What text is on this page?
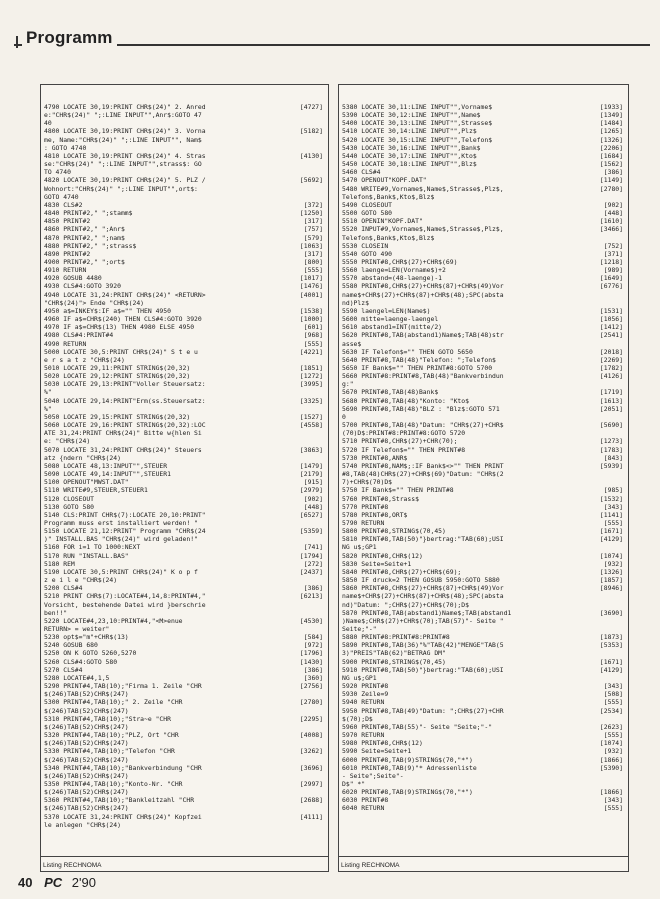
Programm
4790 LOCATE 30,19:PRINT CHR$(24)" 2. Anred	[4727]
e:"CHR$(24)" ";:LINE INPUT"",Anr$:GOTO 47
40
4800 LOCATE 30,19:PRINT CHR$(24)" 3. Vorna	[5182]
me, Name:"CHR$(24)" ";:LINE INPUT"", Nam$
: GOTO 4740
4810 LOCATE 30,19:PRINT CHR$(24)" 4. Stras	[4130]
se:"CHR$(24)" ";:LINE INPUT"",strass$: GO
TO 4740
4820 LOCATE 30,19:PRINT CHR$(24)" 5. PLZ /	[5692]
Wohnort:"CHR$(24)" ";:LINE INPUT"",ort$:
GOTO 4740
4830 CLS#2	[372]
4840 PRINT#2," ";stamm$	[1250]
4850 PRINT#2	[317]
4860 PRINT#2," ";Anr$	[757]
4870 PRINT#2," ";nam$	[579]
4880 PRINT#2," ";strass$	[1063]
4890 PRINT#2	[317]
4900 PRINT#2," ";ort$	[800]
4910 RETURN	[555]
4920 GOSUB 4480	[1017]
4930 CLS#4:GOTO 3920	[1476]
4940 LOCATE 31,24:PRINT CHR$(24)" <RETURN>	[4001]
"CHR$(24)"> Ende "CHR$(24)
4950 a$=INKEY$:IF a$="" THEN 4950	[1538]
4960 IF a$=CHR$(240) THEN CLS#4:GOTO 3920	[1000]
4970 IF a$=CHR$(13) THEN 4980 ELSE 4950	[601]
4980 CLS#4:PRINT#4	[968]
4990 RETURN	[555]
5000 LOCATE 30,5:PRINT CHR$(24)" S t e u	[4221]
e r s a t z "CHR$(24)
5010 LOCATE 29,11:PRINT STRING$(20,32)	[1851]
5020 LOCATE 29,12:PRINT STRING$(20,32)	[1272]
5030 LOCATE 29,13:PRINT"Voller Steuersatz:	[3995]
%"
5040 LOCATE 29,14:PRINT"Erm(ss.Steuersatz:	[3325]
%"
5050 LOCATE 29,15:PRINT STRING$(20,32)	[1527]
5060 LOCATE 29,16:PRINT STRING$(20,32):LOC	[4558]
ATE 31,24:PRINT CHR$(24)" Bitte w{hlen Si
e: "CHR$(24)
5070 LOCATE 31,24:PRINT CHR$(24)" Steuers	[3863]
atz {ndern "CHR$(24)
5080 LOCATE 48,13:INPUT"",STEUER	[1479]
5090 LOCATE 49,14:INPUT"",STEUER1	[2179]
5100 OPENOUT"MWST.DAT"	[915]
5110 WRITE#9,STEUER,STEUER1	[2979]
5120 CLOSEOUT	[902]
5130 GOTO 580	[448]
5140 CLS:PRINT CHR$(7):LOCATE 20,10:PRINT"	[6527]
Programm muss erst installiert werden! "
5150 LOCATE 21,12:PRINT" Programm "CHR$(24	[5359]
)" INSTALL.BAS "CHR$(24)" wird geladen!"
5160 FOR i=1 TO 1000:NEXT	[741]
5170 RUN "INSTALL.BAS"	[1794]
5180 REM	[272]
5190 LOCATE 30,5:PRINT CHR$(24)" K o p f	[2437]
z e i l e "CHR$(24)
5200 CLS#4	[386]
5210 PRINT CHR$(7):LOCATE#4,14,8:PRINT#4,"	[6213]
Vorsicht, bestehende Datei wird }berschrie
ben!!"
5220 LOCATE#4,23,10:PRINT#4,"<M>enue	[4530]
RETURN> = weiter"
5230 opt$="m"+CHR$(13)	[584]
5240 GOSUB 680	[972]
5250 ON K GOTO 5260,5270	[1796]
5260 CLS#4:GOTO 580	[1430]
5270 CLS#4	[386]
5280 LOCATE#4,1,5	[360]
5290 PRINT#4,TAB(10);"Firma 1. Zeile "CHR	[2756]
$(246)TAB(52)CHR$(247)
5300 PRINT#4,TAB(10);" 2. Zeile "CHR	[2780]
$(246)TAB(52)CHR$(247)
5310 PRINT#4,TAB(10);"Stra~e "CHR	[2295]
$(246)TAB(52)CHR$(247)
5320 PRINT#4,TAB(10);"PLZ, Ort "CHR	[4008]
$(246)TAB(52)CHR$(247)
5330 PRINT#4,TAB(10);"Telefon "CHR	[3262]
$(246)TAB(52)CHR$(247)
5340 PRINT#4,TAB(10);"Bankverbindung "CHR	[3696]
$(246)TAB(52)CHR$(247)
5350 PRINT#4,TAB(10);"Konto-Nr. "CHR	[2997]
$(246)TAB(52)CHR$(247)
5360 PRINT#4,TAB(10);"Bankleitzahl "CHR	[2688]
$(246)TAB(52)CHR$(247)
5370 LOCATE 31,24:PRINT CHR$(24)" Kopfzei	[4111]
le anlegen "CHR$(24)
Listing RECHNOMA
5380 LOCATE 30,11:LINE INPUT"",Vorname$	[1933]
5390 LOCATE 30,12:LINE INPUT"",Name$	[1349]
5400 LOCATE 30,13:LINE INPUT"",Strasse$	[1484]
5410 LOCATE 30,14:LINE INPUT"",Plz$	[1265]
5420 LOCATE 30,15:LINE INPUT"",Telefon$	[1326]
5430 LOCATE 30,16:LINE INPUT"",Bank$	[2206]
5440 LOCATE 30,17:LINE INPUT"",Kto$	[1684]
5450 LOCATE 30,18:LINE INPUT"",Blz$	[1562]
5460 CLS#4	[386]
5470 OPENOUT"KOPF.DAT"	[1149]
5480 WRITE#9,Vorname$,Name$,Strasse$,Plz$,	[2780]
Telefon$,Bank$,Kto$,Blz$
5490 CLOSEOUT	[902]
5500 GOTO 580	[448]
5510 OPENIN"KOPF.DAT"	[1610]
5520 INPUT#9,Vorname$,Name$,Strasse$,Plz$,	[3466]
Telefon$,Bank$,Kto$,Blz$
5530 CLOSEIN	[752]
5540 GOTO 490	[371]
5550 PRINT#8,CHR$(27)+CHR$(69)	[1218]
5560 laenge=LEN(Vorname$)+2	[989]
5570 abstand=(48-laenge)-1	[1649]
5580 PRINT#8,CHR$(27)+CHR$(87)+CHR$(49)Vor	[6776]
name$+CHR$(27)+CHR$(87)+CHR$(48);SPC(absta
nd)Plz$
5590 laengel=LEN(Name$)	[1531]
5600 mitte=laenge-laengel	[1056]
5610 abstand1=INT(mitte/2)	[1412]
5620 PRINT#8,TAB(abstand1)Name$;TAB(48)str	[2541]
asse$
5630 IF Telefon$="" THEN GOTO 5650	[2018]
5640 PRINT#8,TAB(48)"Telefon: ";Telefon$	[2269]
5650 IF Bank$="" THEN PRINT#8:GOTO 5700	[1782]
5660 PRINT#8:PRINT#8,TAB(48)"Bankverbindun	[4126]
g:"
5670 PRINT#8,TAB(48)Bank$	[1719]
5680 PRINT#8,TAB(48)"Konto: "Kto$	[1613]
5690 PRINT#8,TAB(48)"BLZ : "Blz$:GOTO 571	[2051]
0
5700 PRINT#8,TAB(48)"Datum: "CHR$(27)+CHR$	[5690]
(70)D$:PRINT#8:PRINT#8:GOTO 5720
5710 PRINT#8,CHR$(27)+CHR(70);	[1273]
5720 IF Telefon$="" THEN PRINT#8	[1783]
5730 PRINT#8,ANR$	[843]
5740 PRINT#8,NAM$;:IF Bank$<>"" THEN PRINT	[5939]
#8,TAB(48)CHR$(27)+CHR$(69)"Datum: "CHR$(2
7)+CHR$(70)D$
5750 IF Bank$="" THEN PRINT#8	[985]
5760 PRINT#8,Strass$	[1532]
5770 PRINT#8	[343]
5780 PRINT#8,ORT$	[1141]
5790 RETURN	[555]
5800 PRINT#8,STRING$(70,45)	[1671]
5810 PRINT#8,TAB(50)"}bertrag:"TAB(60);USI	[4129]
NG u$;GP1
5820 PRINT#8,CHR$(12)	[1074]
5830 Seite=Seite+1	[932]
5840 PRINT#8,CHR$(27)+CHR$(69);	[1326]
5850 IF druck=2 THEN GOSUB 5950:GOTO 5880	[1857]
5860 PRINT#8,CHR$(27)+CHR$(87)+CHR$(49)Vor	[8946]
name$+CHR$(27)+CHR$(87)+CHR$(48);SPC(absta
nd)"Datum: ";CHR$(27)+CHR$(70);D$
5870 PRINT#8,TAB(abstand1)Name$;TAB(abstand1	[3690]
)Name$;CHR$(27)+CHR$(70);TAB(57)"- Seite "
Seite;"-"
5880 PRINT#8:PRINT#8:PRINT#8	[1873]
5890 PRINT#8,TAB(36)"%"TAB(42)"MENGE"TAB(5	[5353]
3)"PREIS"TAB(62)"BETRAG DM"
5900 PRINT#8,STRING$(70,45)	[1671]
5910 PRINT#8,TAB(50)"}bertrag:"TAB(60);USI	[4129]
NG u$;GP1
5920 PRINT#8	[343]
5930 Zeile=9	[508]
5940 RETURN	[555]
5950 PRINT#8,TAB(49)"Datum: ";CHR$(27)+CHR	[2534]
$(70);D$
5960 PRINT#8,TAB(55)"- Seite "Seite;"-"	[2623]
5970 RETURN	[555]
5980 PRINT#8,CHR$(12)	[1074]
5990 Seite=Seite+1	[932]
6000 PRINT#8,TAB(9)STRING$(70,"*")	[1866]
6010 PRINT#8,TAB(9)"* Adressenliste	[5390]
- Seite";Seite"-
D$" *"
6020 PRINT#8,TAB(9)STRING$(70,"*")	[1866]
6030 PRINT#8	[343]
6040 RETURN	[555]
Listing RECHNOMA
40 PC 2'90
